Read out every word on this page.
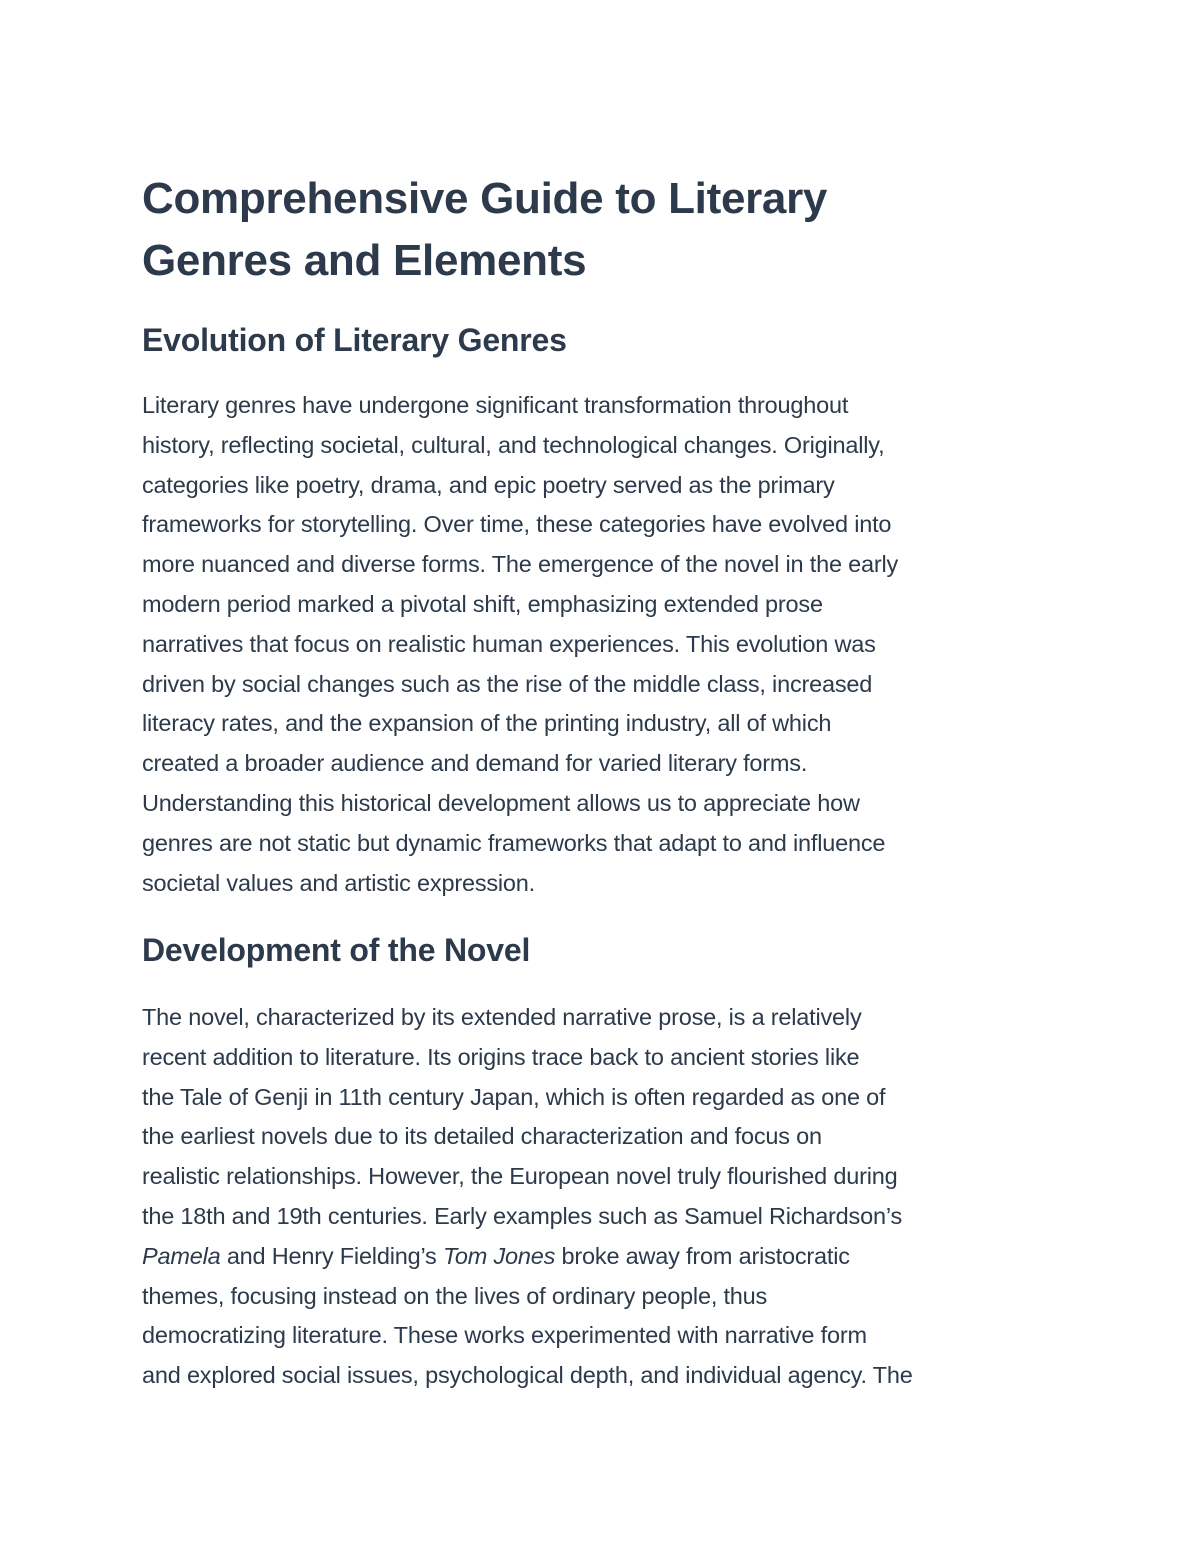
Comprehensive Guide to Literary
Genres and Elements
Evolution of Literary Genres
Literary genres have undergone significant transformation throughout
history, reflecting societal, cultural, and technological changes. Originally,
categories like poetry, drama, and epic poetry served as the primary
frameworks for storytelling. Over time, these categories have evolved into
more nuanced and diverse forms. The emergence of the novel in the early
modern period marked a pivotal shift, emphasizing extended prose
narratives that focus on realistic human experiences. This evolution was
driven by social changes such as the rise of the middle class, increased
literacy rates, and the expansion of the printing industry, all of which
created a broader audience and demand for varied literary forms.
Understanding this historical development allows us to appreciate how
genres are not static but dynamic frameworks that adapt to and influence
societal values and artistic expression.
Development of the Novel
The novel, characterized by its extended narrative prose, is a relatively
recent addition to literature. Its origins trace back to ancient stories like
the Tale of Genji in 11th century Japan, which is often regarded as one of
the earliest novels due to its detailed characterization and focus on
realistic relationships. However, the European novel truly flourished during
the 18th and 19th centuries. Early examples such as Samuel Richardson’s
Pamela and Henry Fielding’s Tom Jones broke away from aristocratic
themes, focusing instead on the lives of ordinary people, thus
democratizing literature. These works experimented with narrative form
and explored social issues, psychological depth, and individual agency. The
